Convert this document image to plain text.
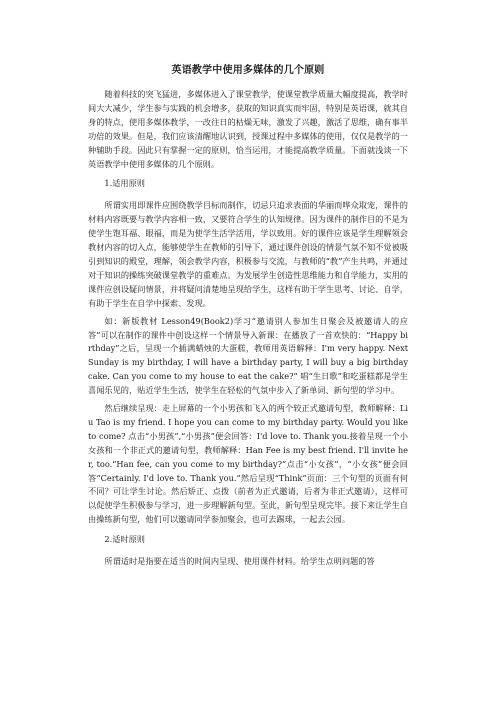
英语教学中使用多媒体的几个原则

随着科技的突飞猛进，多媒体进入了课堂教学，使课堂教学质量大幅度提高，教学时间大大减少，学生参与实践的机会增多，获取的知识真实而牢固，特别是英语课，就其自身的特点，使用多媒体教学，一改往日的枯燥无味，激发了兴趣，激活了思维，确有事半功倍的效果。但是，我们应该清醒地认识到，授课过程中多媒体的使用，仅仅是教学的一种辅助手段。因此只有掌握一定的原则，恰当运用，才能提高教学质量。下面就浅谈一下英语教学中使用多媒体的几个原则。

1.适用原则

所谓实用即课件应围绕教学目标而制作，切忌只追求表面的华丽而哗众取宠，课件的材料内容既要与教学内容相一致，又要符合学生的认知规律。因为课件的制作目的不是为使学生饱耳福、眼福，而是为使学生活学活用，学以致用。好的课件应该是学生理解领会教材内容的切入点，能够使学生在教师的引导下，通过课件创设的情景气氛不知不觉被吸引到知识的殿堂，理解，领会教学内容，积极参与交流，与教师的“教”产生共鸣，并通过对于知识的操练突破课堂教学的重难点。为发展学生创造性思维能力和自学能力，实用的课件应创设疑问情景，并将疑问清楚地呈现给学生，这样有助于学生思考、讨论、自学，有助于学生在自学中探索、发现。

如：新版教材 Lesson49(Book2)学习“邀请别人参加生日聚会及被邀请人的应答”可以在制作的课件中创设这样一个情景导入新课：在播放了一首欢快的：“Happy birthday”之后，呈现一个插满蜡烛的大蛋糕，教师用英语解释：I'm very happy. Next Sunday is my birthday, I will have a birthday party, I will buy a big birthday cake. Can you come to my house to eat the cake?” 唱“生日歌”和吃蛋糕都是学生喜闻乐见的，贴近学生生活，使学生在轻松的气氛中步入了新单词、新句型的学习中。

然后继续呈现：走上屏幕的一个小男孩和飞入的两个较正式邀请句型，教师解释：Liu Tao is my friend. I hope you can come to my birthday party. Would you like to come? 点击“小男孩”,“小男孩”便会回答：I'd love to. Thank you.接着呈现一个小女孩和一个非正式的邀请句型，教师解释：Han Fee is my best friend. I'll invite her, too.“Han fee, can you come to my birthday?”点击“小女孩”，“小女孩”便会回答“Certainly. I'd love to. Thank you.”然后呈现“Think”页面：三个句型的页面有何不同？可让学生讨论。然后矫正、点拨（前者为正式邀请，后者为非正式邀请），这样可以促使学生积极参与学习，进一步理解新句型。至此，新句型呈现完毕。接下来让学生自由操练新句型，他们可以邀请同学参加聚会，也可去踢球，一起去公园。

2.适时原则

所谓适时是指要在适当的时间内呈现、使用课件材料。给学生点明问题的答
